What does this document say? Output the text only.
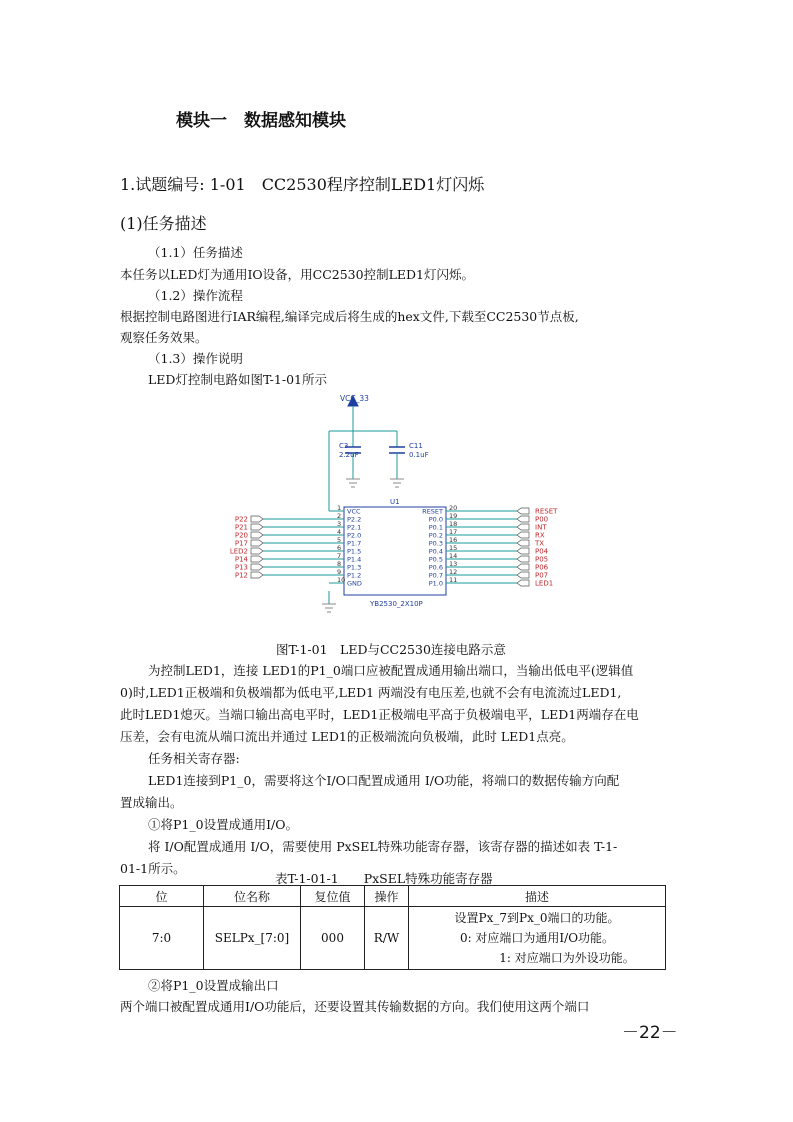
模块一　数据感知模块
1.试题编号: 1-01　CC2530程序控制LED1灯闪烁
(1)任务描述
（1.1）任务描述
本任务以LED灯为通用IO设备，用CC2530控制LED1灯闪烁。
（1.2）操作流程
根据控制电路图进行IAR编程,编译完成后将生成的hex文件,下载至CC2530节点板,
观察任务效果。
（1.3）操作说明
LED灯控制电路如图T-1-01所示
VCC_33
C3
2.2uF
C11
0.1uF
U1
YB2530_2X10P
1 VCC
2 P2.2
P22
3 P2.1
P21
4 P2.0
P20
5 P1.7
P17
6 P1.5
LED2
7 P1.4
P14
8 P1.3
P13
9 P1.2
P12
10 GND
20
RESET	RESET
19
P0.0	P00
18
P0.1	INT
17
P0.2	RX
16
P0.3	TX
15
P0.4	P04
14
P0.5	P05
13
P0.6	P06
12
P0.7	P07
11
P1.0	LED1
图T-1-01　LED与CC2530连接电路示意
为控制LED1，连接 LED1的P1_0端口应被配置成通用输出端口，当输出低电平(逻辑值
0)时,LED1正极端和负极端都为低电平,LED1 两端没有电压差,也就不会有电流流过LED1,
此时LED1熄灭。当端口输出高电平时，LED1正极端电平高于负极端电平，LED1两端存在电
压差，会有电流从端口流出并通过 LED1的正极端流向负极端，此时 LED1点亮。
任务相关寄存器:
LED1连接到P1_0，需要将这个I/O口配置成通用 I/O功能，将端口的数据传输方向配
置成输出。
①将P1_0设置成通用I/O。
将 I/O配置成通用 I/O，需要使用 PxSEL特殊功能寄存器，该寄存器的描述如表 T-1-
01-1所示。
表T-1-01-1　　PxSEL特殊功能寄存器
位	位名称	复位值	操作	描述
7:0	SELPx_[7:0]	000	R/W	设置Px_7到Px_0端口的功能。
0: 对应端口为通用I/O功能。
1: 对应端口为外设功能。
②将P1_0设置成输出口
两个端口被配置成通用I/O功能后，还要设置其传输数据的方向。我们使用这两个端口
－22－
